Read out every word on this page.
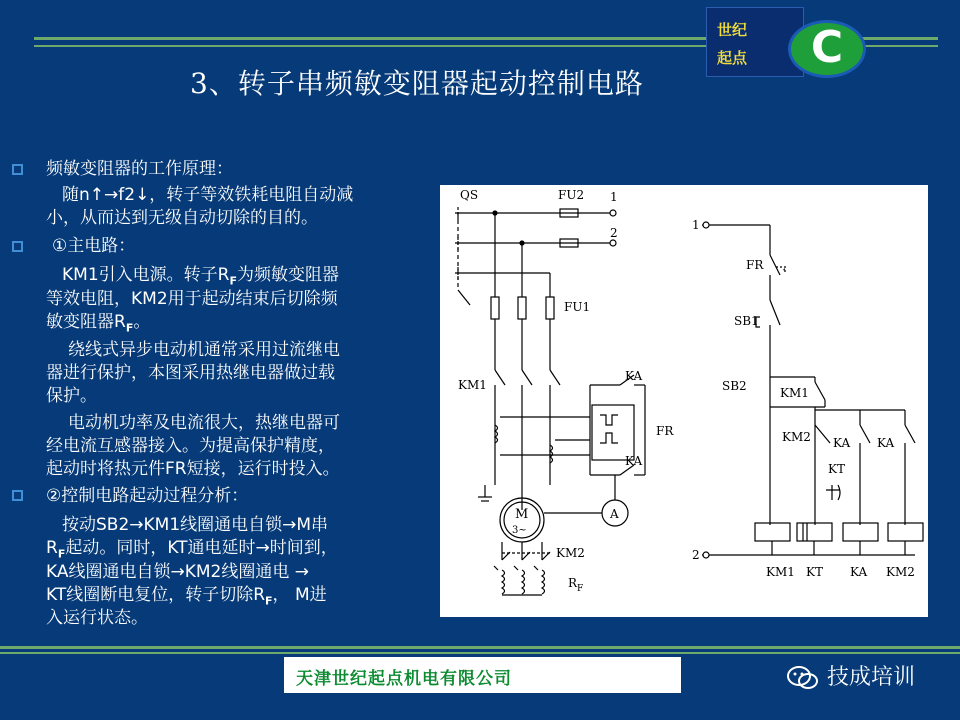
世纪
起点	C
3、转子串频敏变阻器起动控制电路
频敏变阻器的工作原理：
随n↑→f2↓，转子等效铁耗电阻自动减
小，从而达到无级自动切除的目的。
①主电路：
KM1引入电源。转子$R_F$为频敏变阻器
等效电阻，KM2用于起动结束后切除频
敏变阻器$R_F$。
绕线式异步电动机通常采用过流继电
器进行保护，本图采用热继电器做过载
保护。
电动机功率及电流很大，热继电器可
经电流互感器接入。为提高保护精度，
起动时将热元件FR短接，运行时投入。
②控制电路起动过程分析：
按动SB2→KM1线圈通电自锁→M串
$R_F$起动。同时，KT通电延时→时间到，
KA线圈通电自锁→KM2线圈通电 →
KT线圈断电复位，转子切除$R_F$， M进
入运行状态。
QS	FU2 1
2
FU1
KM1
FR
KA
KA
M
3~
A
KM2
R F
1
FR
SB1
SB2	KM1
KM2 KA KA
KT
2
KM1 KT KA KM2
天津世纪起点机电有限公司	技成培训
